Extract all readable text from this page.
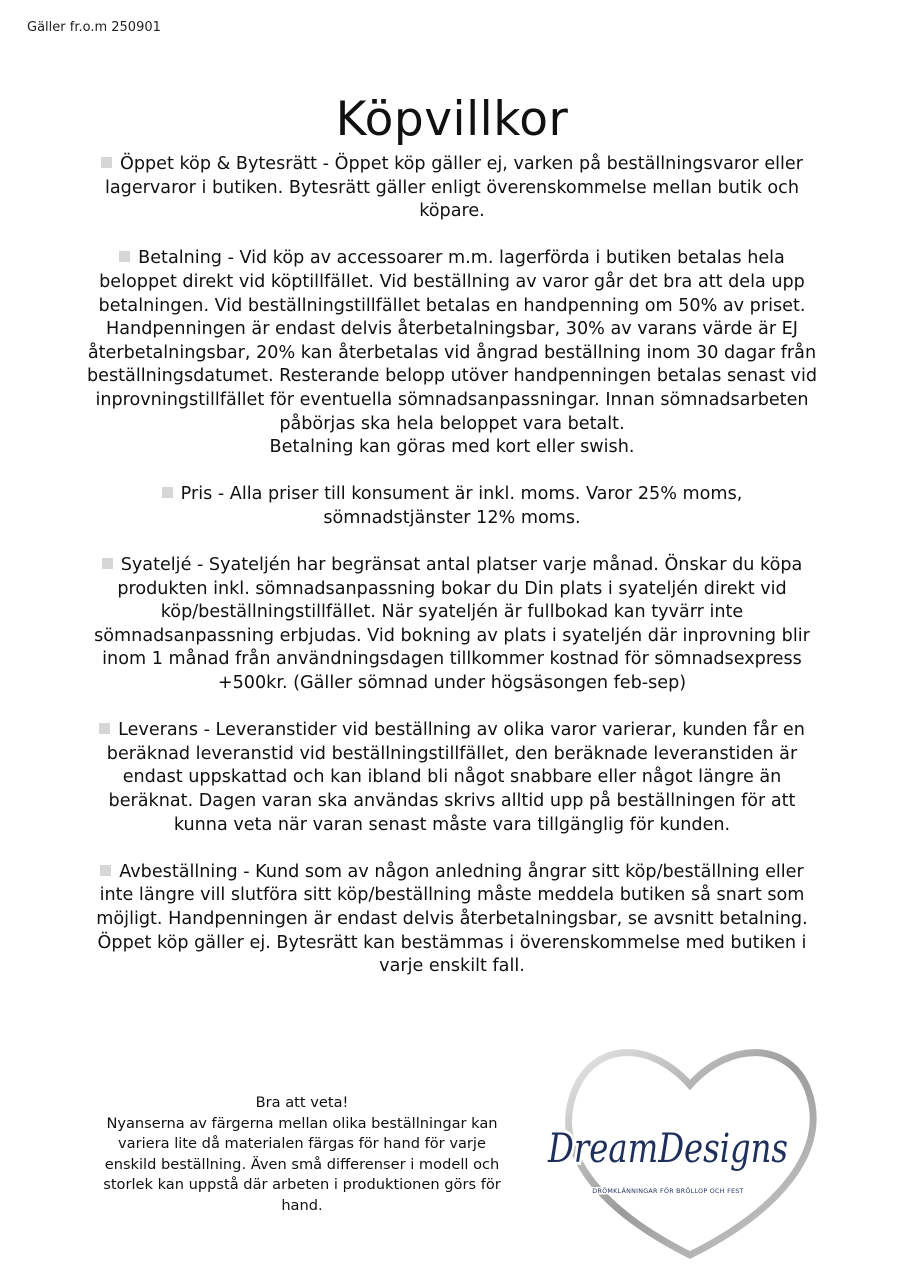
Gäller fr.o.m 250901
Köpvillkor

Öppet köp & Bytesrätt - Öppet köp gäller ej, varken på beställningsvaror eller lagervaror i butiken. Bytesrätt gäller enligt överenskommelse mellan butik och köpare.

Betalning - Vid köp av accessoarer m.m. lagerförda i butiken betalas hela beloppet direkt vid köptillfället. Vid beställning av varor går det bra att dela upp betalningen. Vid beställningstillfället betalas en handpenning om 50% av priset. Handpenningen är endast delvis återbetalningsbar, 30% av varans värde är EJ återbetalningsbar, 20% kan återbetalas vid ångrad beställning inom 30 dagar från beställningsdatumet. Resterande belopp utöver handpenningen betalas senast vid inprovningstillfället för eventuella sömnadsanpassningar. Innan sömnadsarbeten påbörjas ska hela beloppet vara betalt.
Betalning kan göras med kort eller swish.

Pris - Alla priser till konsument är inkl. moms. Varor 25% moms, sömnadstjänster 12% moms.

Syateljé - Syateljén har begränsat antal platser varje månad. Önskar du köpa produkten inkl. sömnadsanpassning bokar du Din plats i syateljén direkt vid köp/beställningstillfället. När syateljén är fullbokad kan tyvärr inte sömnadsanpassning erbjudas. Vid bokning av plats i syateljén där inprovning blir inom 1 månad från användningsdagen tillkommer kostnad för sömnadsexpress +500kr. (Gäller sömnad under högsäsongen feb-sep)

Leverans - Leveranstider vid beställning av olika varor varierar, kunden får en beräknad leveranstid vid beställningstillfället, den beräknade leveranstiden är endast uppskattad och kan ibland bli något snabbare eller något längre än beräknat. Dagen varan ska användas skrivs alltid upp på beställningen för att kunna veta när varan senast måste vara tillgänglig för kunden.

Avbeställning - Kund som av någon anledning ångrar sitt köp/beställning eller inte längre vill slutföra sitt köp/beställning måste meddela butiken så snart som möjligt. Handpenningen är endast delvis återbetalningsbar, se avsnitt betalning. Öppet köp gäller ej. Bytesrätt kan bestämmas i överenskommelse med butiken i varje enskilt fall.

Bra att veta!
Nyanserna av färgerna mellan olika beställningar kan variera lite då materialen färgas för hand för varje enskild beställning. Även små differenser i modell och storlek kan uppstå där arbeten i produktionen görs för hand.
DreamDesigns
DRÖMKLÄNNINGAR FÖR BRÖLLOP OCH FEST
